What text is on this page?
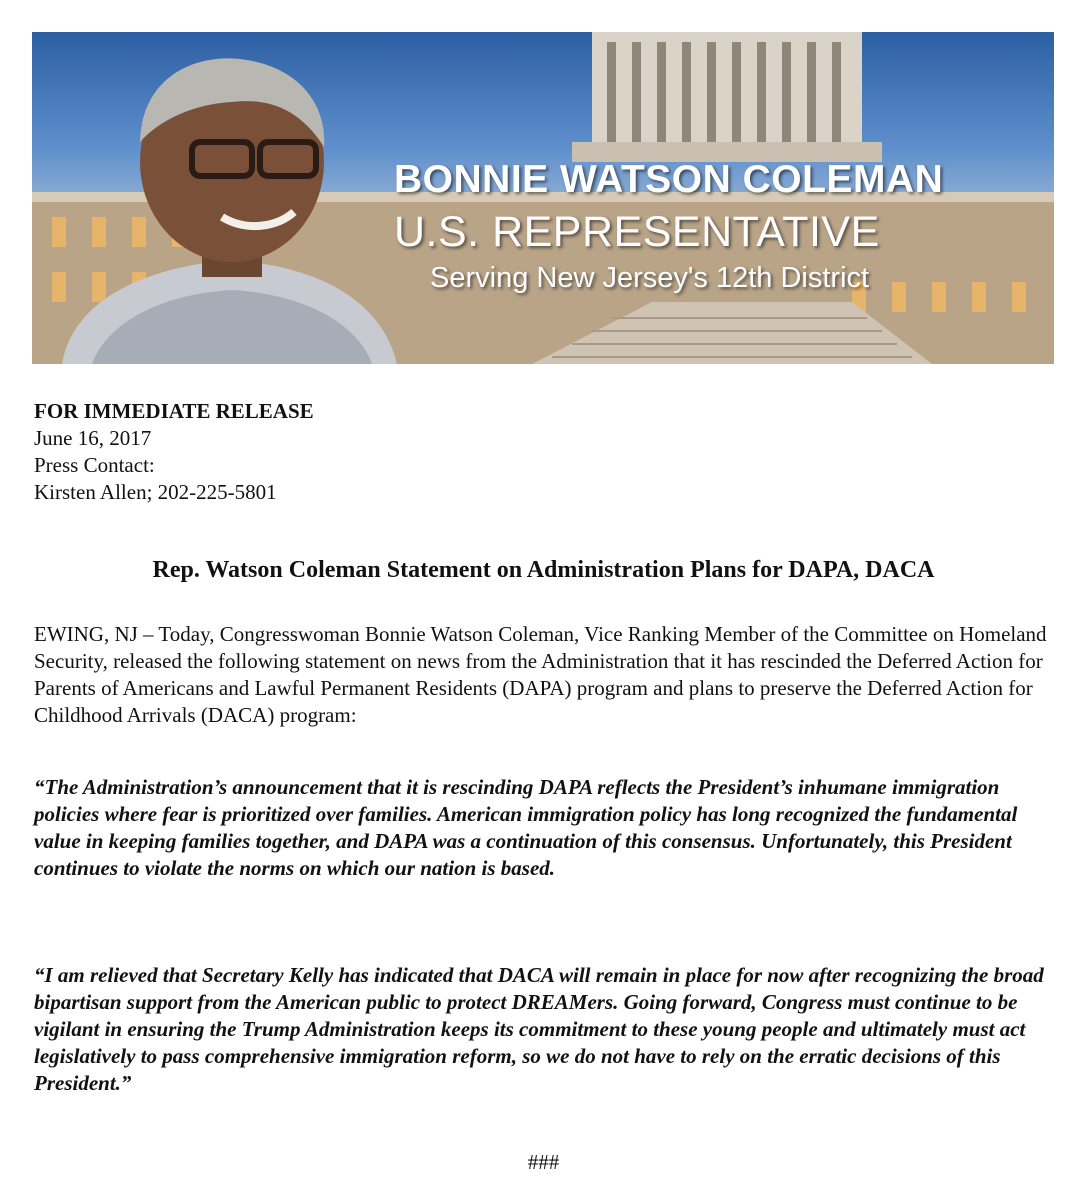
BONNIE WATSON COLEMAN
U.S. REPRESENTATIVE
Serving New Jersey's 12th District
FOR IMMEDIATE RELEASE
June 16, 2017
Press Contact:
Kirsten Allen; 202-225-5801
Rep. Watson Coleman Statement on Administration Plans for DAPA, DACA
EWING, NJ – Today, Congresswoman Bonnie Watson Coleman, Vice Ranking Member of the Committee on Homeland Security, released the following statement on news from the Administration that it has rescinded the Deferred Action for Parents of Americans and Lawful Permanent Residents (DAPA) program and plans to preserve the Deferred Action for Childhood Arrivals (DACA) program:
“The Administration’s announcement that it is rescinding DAPA reflects the President’s inhumane immigration policies where fear is prioritized over families. American immigration policy has long recognized the fundamental value in keeping families together, and DAPA was a continuation of this consensus. Unfortunately, this President continues to violate the norms on which our nation is based.
“I am relieved that Secretary Kelly has indicated that DACA will remain in place for now after recognizing the broad bipartisan support from the American public to protect DREAMers. Going forward, Congress must continue to be vigilant in ensuring the Trump Administration keeps its commitment to these young people and ultimately must act legislatively to pass comprehensive immigration reform, so we do not have to rely on the erratic decisions of this President.”
###
